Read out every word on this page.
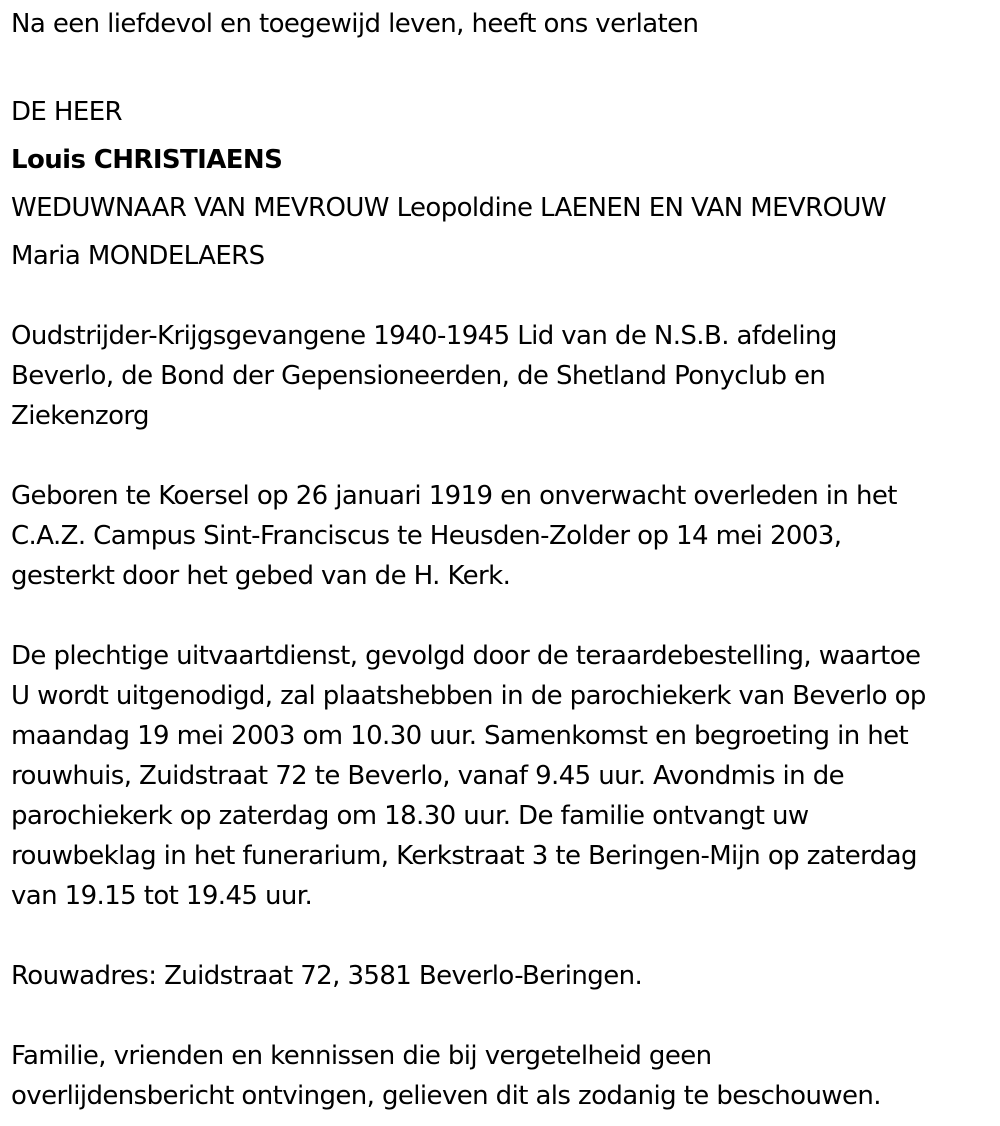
Na een liefdevol en toegewijd leven, heeft ons verlaten
DE HEER
Louis CHRISTIAENS
WEDUWNAAR VAN MEVROUW Leopoldine LAENEN EN VAN MEVROUW
Maria MONDELAERS

Oudstrijder-Krijgsgevangene 1940-1945 Lid van de N.S.B. afdeling
Beverlo, de Bond der Gepensioneerden, de Shetland Ponyclub en
Ziekenzorg

Geboren te Koersel op 26 januari 1919 en onverwacht overleden in het
C.A.Z. Campus Sint-Franciscus te Heusden-Zolder op 14 mei 2003,
gesterkt door het gebed van de H. Kerk.

De plechtige uitvaartdienst, gevolgd door de teraardebestelling, waartoe
U wordt uitgenodigd, zal plaatshebben in de parochiekerk van Beverlo op
maandag 19 mei 2003 om 10.30 uur. Samenkomst en begroeting in het
rouwhuis, Zuidstraat 72 te Beverlo, vanaf 9.45 uur. Avondmis in de
parochiekerk op zaterdag om 18.30 uur. De familie ontvangt uw
rouwbeklag in het funerarium, Kerkstraat 3 te Beringen-Mijn op zaterdag
van 19.15 tot 19.45 uur.

Rouwadres: Zuidstraat 72, 3581 Beverlo-Beringen.

Familie, vrienden en kennissen die bij vergetelheid geen
overlijdensbericht ontvingen, gelieven dit als zodanig te beschouwen.
